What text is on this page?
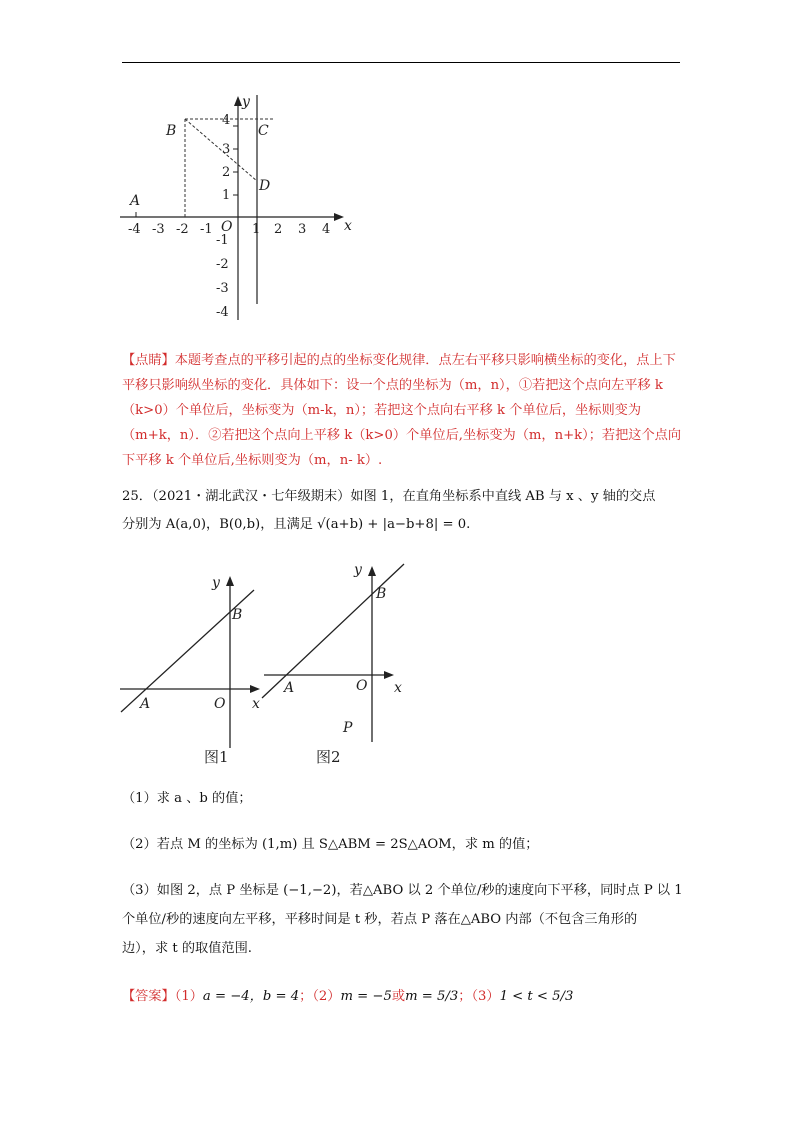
-4 -3 -2 -1	1 2 3 4
1
2
3
4
-1
-2
-3
-4
y
x
O
A
B	C
D
【点睛】本题考查点的平移引起的点的坐标变化规律．点左右平移只影响横坐标的变化，点上下平移只影响纵坐标的变化．具体如下：设一个点的坐标为（m，n），①若把这个点向左平移 k（k>0）个单位后，坐标变为（m-k，n）；若把这个点向右平移 k 个单位后，坐标则变为（m+k，n）．②若把这个点向上平移 k（k>0）个单位后,坐标变为（m，n+k）；若把这个点向下平移 k 个单位后,坐标则变为（m，n- k）.
25．（2021・湖北武汉・七年级期末）如图 1，在直角坐标系中直线 AB 与 x 、y 轴的交点
分别为 A(a,0)，B(0,b)，且满足 √(a+b) + |a−b+8| = 0.
y
B
A	O x
图1
y
B
A	O x
P
图2
（1）求 a 、b 的值；
（2）若点 M 的坐标为 (1,m) 且 S△ABM = 2S△AOM，求 m 的值；
（3）如图 2，点 P 坐标是 (−1,−2)，若△ABO 以 2 个单位/秒的速度向下平移，同时点 P 以 1
个单位/秒的速度向左平移，平移时间是 t 秒，若点 P 落在△ABO 内部（不包含三角形的
边），求 t 的取值范围.
【答案】（1）a = −4，b = 4；（2）m = −5或m = 5/3；（3）1 < t < 5/3
